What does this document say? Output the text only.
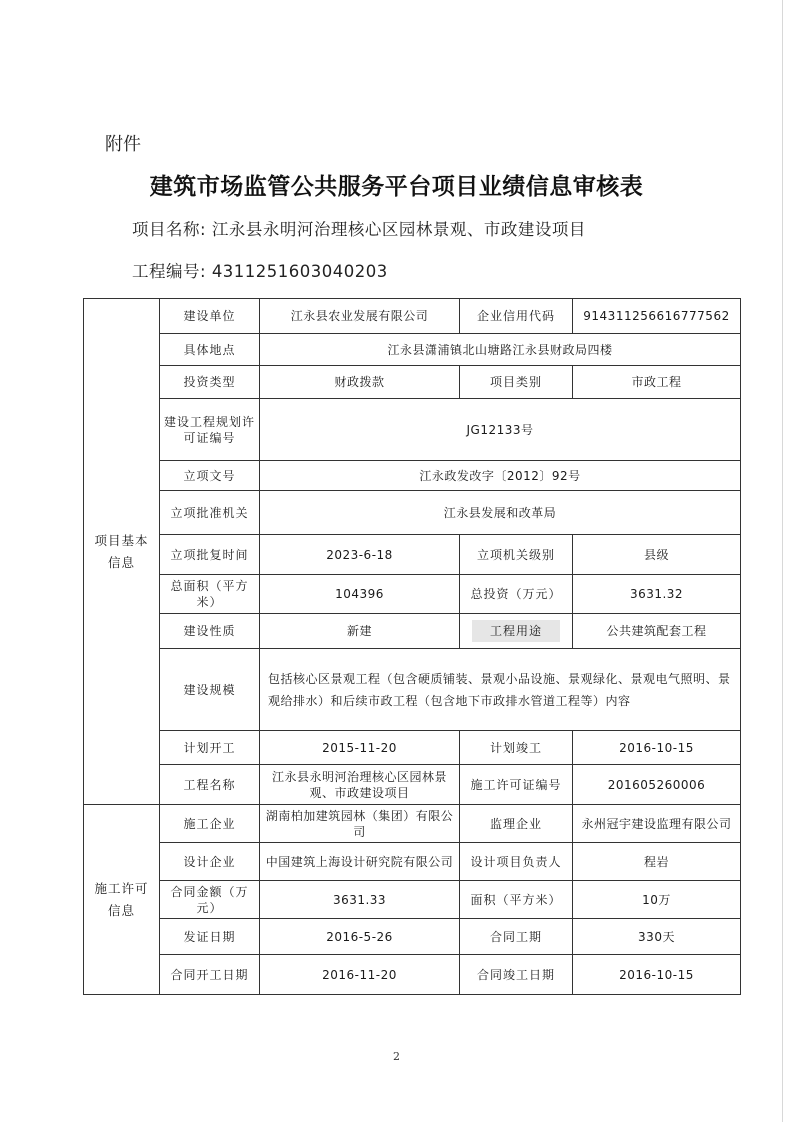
附件
建筑市场监管公共服务平台项目业绩信息审核表
项目名称: 江永县永明河治理核心区园林景观、市政建设项目
工程编号: 4311251603040203
项目基本信息	建设单位	江永县农业发展有限公司	企业信用代码	914311256616777562
	具体地点	江永县潇浦镇北山塘路江永县财政局四楼		
	投资类型	财政拨款	项目类别	市政工程
	建设工程规划许可证编号	JG12133号		
	立项文号	江永政发改字〔2012〕92号		
	立项批准机关	江永县发展和改革局		
	立项批复时间	2023-6-18	立项机关级别	县级
	总面积（平方米）	104396	总投资（万元）	3631.32
	建设性质	新建	工程用途	公共建筑配套工程
	建设规模	包括核心区景观工程（包含硬质铺装、景观小品设施、景观绿化、景观电气照明、景观给排水）和后续市政工程（包含地下市政排水管道工程等）内容		
	计划开工	2015-11-20	计划竣工	2016-10-15
	工程名称	江永县永明河治理核心区园林景观、市政建设项目	施工许可证编号	201605260006

施工许可信息	施工企业	湖南柏加建筑园林（集团）有限公司	监理企业	永州冠宇建设监理有限公司
	设计企业	中国建筑上海设计研究院有限公司	设计项目负责人	程岩
	合同金额（万元）	3631.33	面积（平方米）	10万
	发证日期	2016-5-26	合同工期	330天
	合同开工日期	2016-11-20	合同竣工日期	2016-10-15
2
